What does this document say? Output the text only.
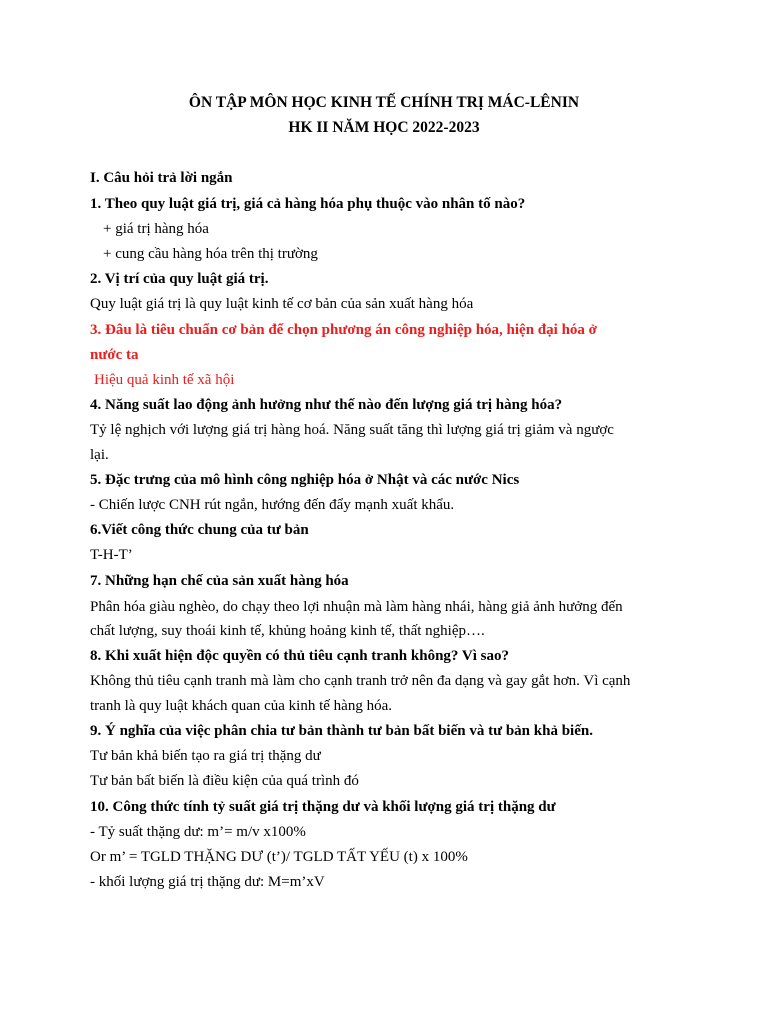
ÔN TẬP MÔN HỌC KINH TẾ CHÍNH TRỊ MÁC-LÊNIN
HK II NĂM HỌC 2022-2023
I. Câu hỏi trả lời ngắn
1. Theo quy luật giá trị, giá cả hàng hóa phụ thuộc vào nhân tố nào?
+ giá trị hàng hóa
+ cung cầu hàng hóa trên thị trường
2. Vị trí của quy luật giá trị.
Quy luật giá trị là quy luật kinh tế cơ bản của sản xuất hàng hóa
3. Đâu là tiêu chuẩn cơ bản để chọn phương án công nghiệp hóa, hiện đại hóa ở
nước ta
Hiệu quả kinh tế xã hội
4. Năng suất lao động ảnh hưởng như thế nào đến lượng giá trị hàng hóa?
Tỷ lệ nghịch với lượng giá trị hàng hoá. Năng suất tăng thì lượng giá trị giảm và ngược
lại.
5. Đặc trưng của mô hình công nghiệp hóa ở Nhật và các nước Nics
- Chiến lược CNH rút ngắn, hướng đến đẩy mạnh xuất khẩu.
6.Viết công thức chung của tư bản
T-H-T’
7. Những hạn chế của sản xuất hàng hóa
Phân hóa giàu nghèo, do chạy theo lợi nhuận mà làm hàng nhái, hàng giả ảnh hưởng đến
chất lượng, suy thoái kinh tế, khủng hoảng kinh tế, thất nghiệp….
8. Khi xuất hiện độc quyền có thủ tiêu cạnh tranh không? Vì sao?
Không thủ tiêu cạnh tranh mà làm cho cạnh tranh trở nên đa dạng và gay gắt hơn. Vì cạnh
tranh là quy luật khách quan của kinh tế hàng hóa.
9. Ý nghĩa của việc phân chia tư bản thành tư bản bất biến và tư bản khả biến.
Tư bản khả biến tạo ra giá trị thặng dư
Tư bản bất biến là điều kiện của quá trình đó
10. Công thức tính tỷ suất giá trị thặng dư và khối lượng giá trị thặng dư
- Tỷ suất thặng dư: m’= m/v x100%
Or m’ = TGLD THẶNG DƯ (t’)/ TGLD TẤT YẾU (t) x 100%
- khối lượng giá trị thặng dư: M=m’xV
